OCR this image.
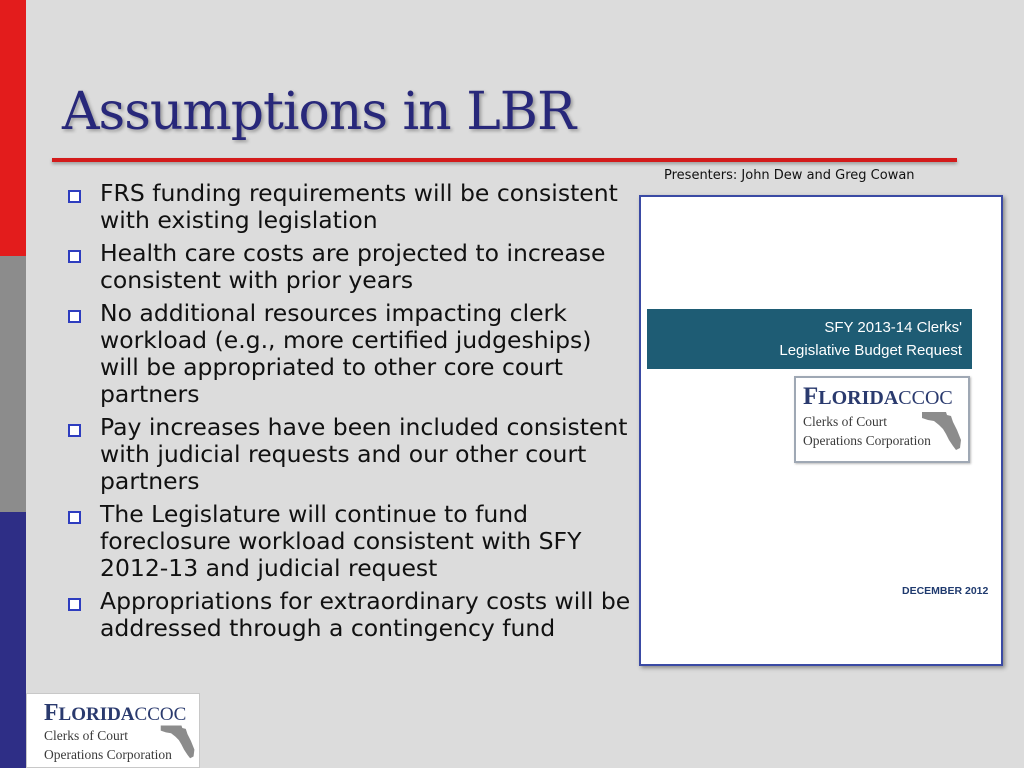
Assumptions in LBR
Presenters: John Dew and Greg Cowan
FRS funding requirements will be consistent with existing legislation
Health care costs are projected to increase consistent with prior years
No additional resources impacting clerk workload (e.g., more certified judgeships) will be appropriated to other core court partners
Pay increases have been included consistent with judicial requests and our other court partners
The Legislature will continue to fund foreclosure workload consistent with SFY 2012-13 and judicial request
Appropriations for extraordinary costs will be addressed through a contingency fund
SFY 2013-14 Clerks'
Legislative Budget Request
FLORIDACCOC
Clerks of Court
Operations Corporation
DECEMBER 2012
FLORIDACCOC
Clerks of Court
Operations Corporation
